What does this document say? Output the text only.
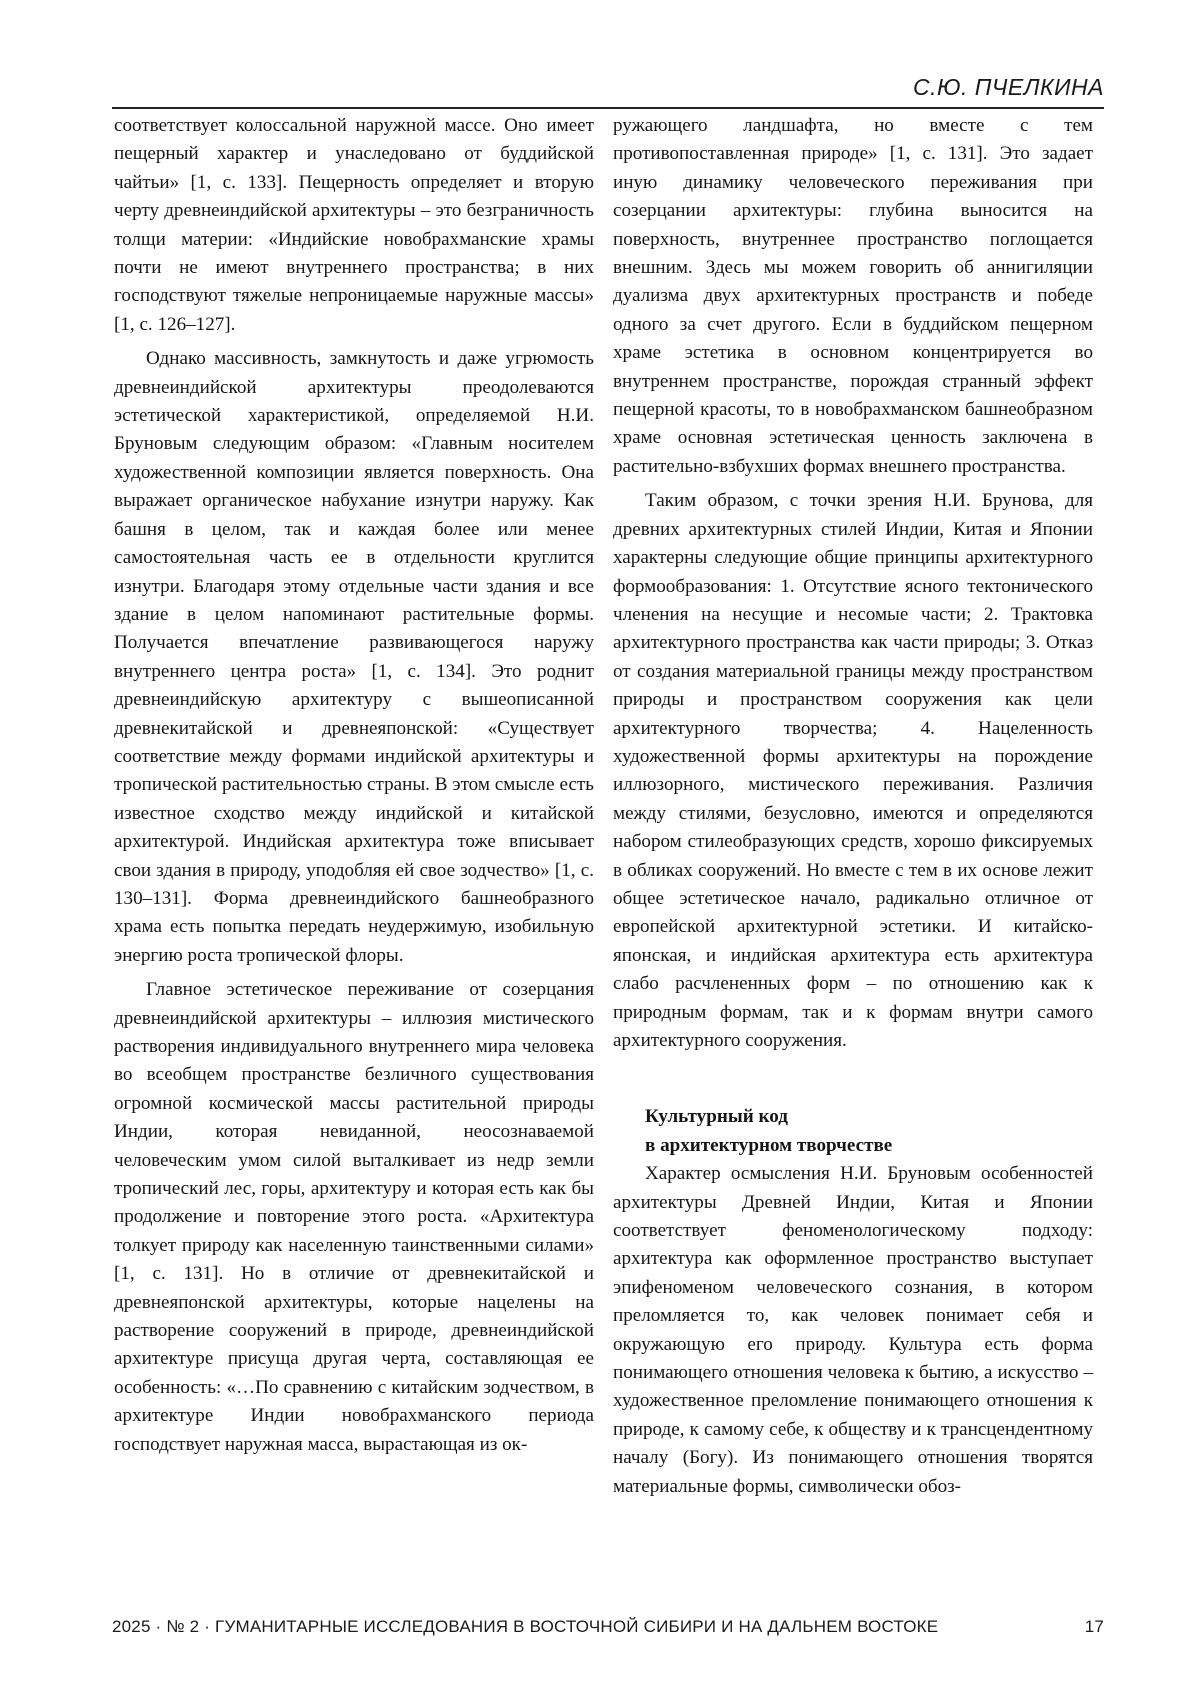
С.Ю. ПЧЕЛКИНА

соответствует колоссальной наружной массе. Оно имеет пещерный характер и унаследовано от буддийской чайтьи» [1, с. 133]. Пещерность определяет и вторую черту древнеиндийской архитектуры – это безграничность толщи материи: «Индийские новобрахманские храмы почти не имеют внутреннего пространства; в них господствуют тяжелые непроницаемые наружные массы» [1, с. 126–127].

Однако массивность, замкнутость и даже угрюмость древнеиндийской архитектуры преодолеваются эстетической характеристикой, определяемой Н.И. Бруновым следующим образом: «Главным носителем художественной композиции является поверхность. Она выражает органическое набухание изнутри наружу. Как башня в целом, так и каждая более или менее самостоятельная часть ее в отдельности круглится изнутри. Благодаря этому отдельные части здания и все здание в целом напоминают растительные формы. Получается впечатление развивающегося наружу внутреннего центра роста» [1, с. 134]. Это роднит древнеиндийскую архитектуру с вышеописанной древнекитайской и древнеяпонской: «Существует соответствие между формами индийской архитектуры и тропической растительностью страны. В этом смысле есть известное сходство между индийской и китайской архитектурой. Индийская архитектура тоже вписывает свои здания в природу, уподобляя ей свое зодчество» [1, с. 130–131]. Форма древнеиндийского башнеобразного храма есть попытка передать неудержимую, изобильную энергию роста тропической флоры.

Главное эстетическое переживание от созерцания древнеиндийской архитектуры – иллюзия мистического растворения индивидуального внутреннего мира человека во всеобщем пространстве безличного существования огромной космической массы растительной природы Индии, которая невиданной, неосознаваемой человеческим умом силой выталкивает из недр земли тропический лес, горы, архитектуру и которая есть как бы продолжение и повторение этого роста. «Архитектура толкует природу как населенную таинственными силами» [1, с. 131]. Но в отличие от древнекитайской и древнеяпонской архитектуры, которые нацелены на растворение сооружений в природе, древнеиндийской архитектуре присуща другая черта, составляющая ее особенность: «…По сравнению с китайским зодчеством, в архитектуре Индии новобрахманского периода господствует наружная масса, вырастающая из ок-

ружающего ландшафта, но вместе с тем противопоставленная природе» [1, с. 131]. Это задает иную динамику человеческого переживания при созерцании архитектуры: глубина выносится на поверхность, внутреннее пространство поглощается внешним. Здесь мы можем говорить об аннигиляции дуализма двух архитектурных пространств и победе одного за счет другого. Если в буддийском пещерном храме эстетика в основном концентрируется во внутреннем пространстве, порождая странный эффект пещерной красоты, то в новобрахманском башнеобразном храме основная эстетическая ценность заключена в растительно-взбухших формах внешнего пространства.

Таким образом, с точки зрения Н.И. Брунова, для древних архитектурных стилей Индии, Китая и Японии характерны следующие общие принципы архитектурного формообразования: 1. Отсутствие ясного тектонического членения на несущие и несомые части; 2. Трактовка архитектурного пространства как части природы; 3. Отказ от создания материальной границы между пространством природы и пространством сооружения как цели архитектурного творчества; 4. Нацеленность художественной формы архитектуры на порождение иллюзорного, мистического переживания. Различия между стилями, безусловно, имеются и определяются набором стилеобразующих средств, хорошо фиксируемых в обликах сооружений. Но вместе с тем в их основе лежит общее эстетическое начало, радикально отличное от европейской архитектурной эстетики. И китайско-японская, и индийская архитектура есть архитектура слабо расчлененных форм – по отношению как к природным формам, так и к формам внутри самого архитектурного сооружения.

Культурный код
в архитектурном творчестве

Характер осмысления Н.И. Бруновым особенностей архитектуры Древней Индии, Китая и Японии соответствует феноменологическому подходу: архитектура как оформленное пространство выступает эпифеноменом человеческого сознания, в котором преломляется то, как человек понимает себя и окружающую его природу. Культура есть форма понимающего отношения человека к бытию, а искусство – художественное преломление понимающего отношения к природе, к самому себе, к обществу и к трансцендентному началу (Богу). Из понимающего отношения творятся материальные формы, символически обоз-

2025 · № 2 · ГУМАНИТАРНЫЕ ИССЛЕДОВАНИЯ В ВОСТОЧНОЙ СИБИРИ И НА ДАЛЬНЕМ ВОСТОКЕ	17
